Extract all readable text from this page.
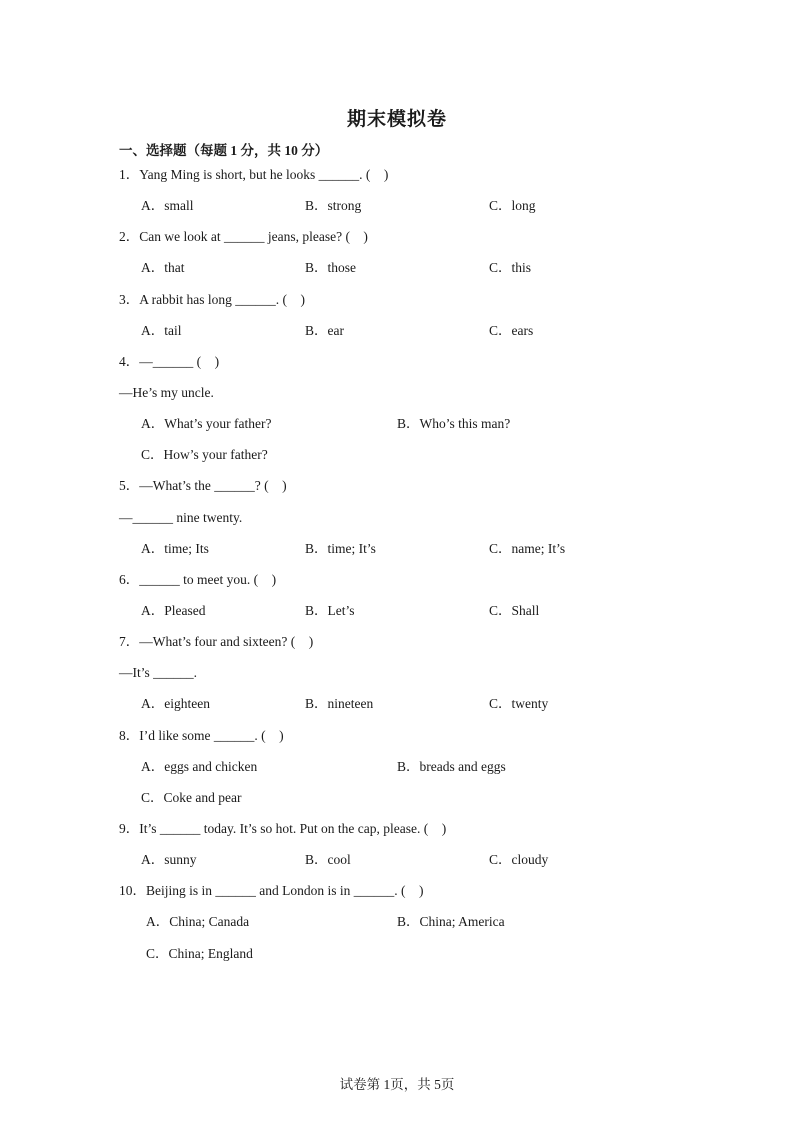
期末模拟卷
一、选择题（每题 1 分，共 10 分）
1．Yang Ming is short, but he looks ______. (　)
A．small	B．strong	C．long
2．Can we look at ______ jeans, please? (　)
A．that	B．those	C．this
3．A rabbit has long ______. (　)
A．tail	B．ear	C．ears
4．—______ (　)
—He’s my uncle.
A．What’s your father?	B．Who’s this man?
C．How’s your father?
5．—What’s the ______? (　)
—______ nine twenty.
A．time; Its	B．time; It’s	C．name; It’s
6．______ to meet you. (　)
A．Pleased	B．Let’s	C．Shall
7．—What’s four and sixteen? (　)
—It’s ______.
A．eighteen	B．nineteen	C．twenty
8．I’d like some ______. (　)
A．eggs and chicken	B．breads and eggs
C．Coke and pear
9．It’s ______ today. It’s so hot. Put on the cap, please. (　)
A．sunny	B．cool	C．cloudy
10．Beijing is in ______ and London is in ______. (　)
A．China; Canada	B．China; America
C．China; England
试卷第 1页，共 5页
